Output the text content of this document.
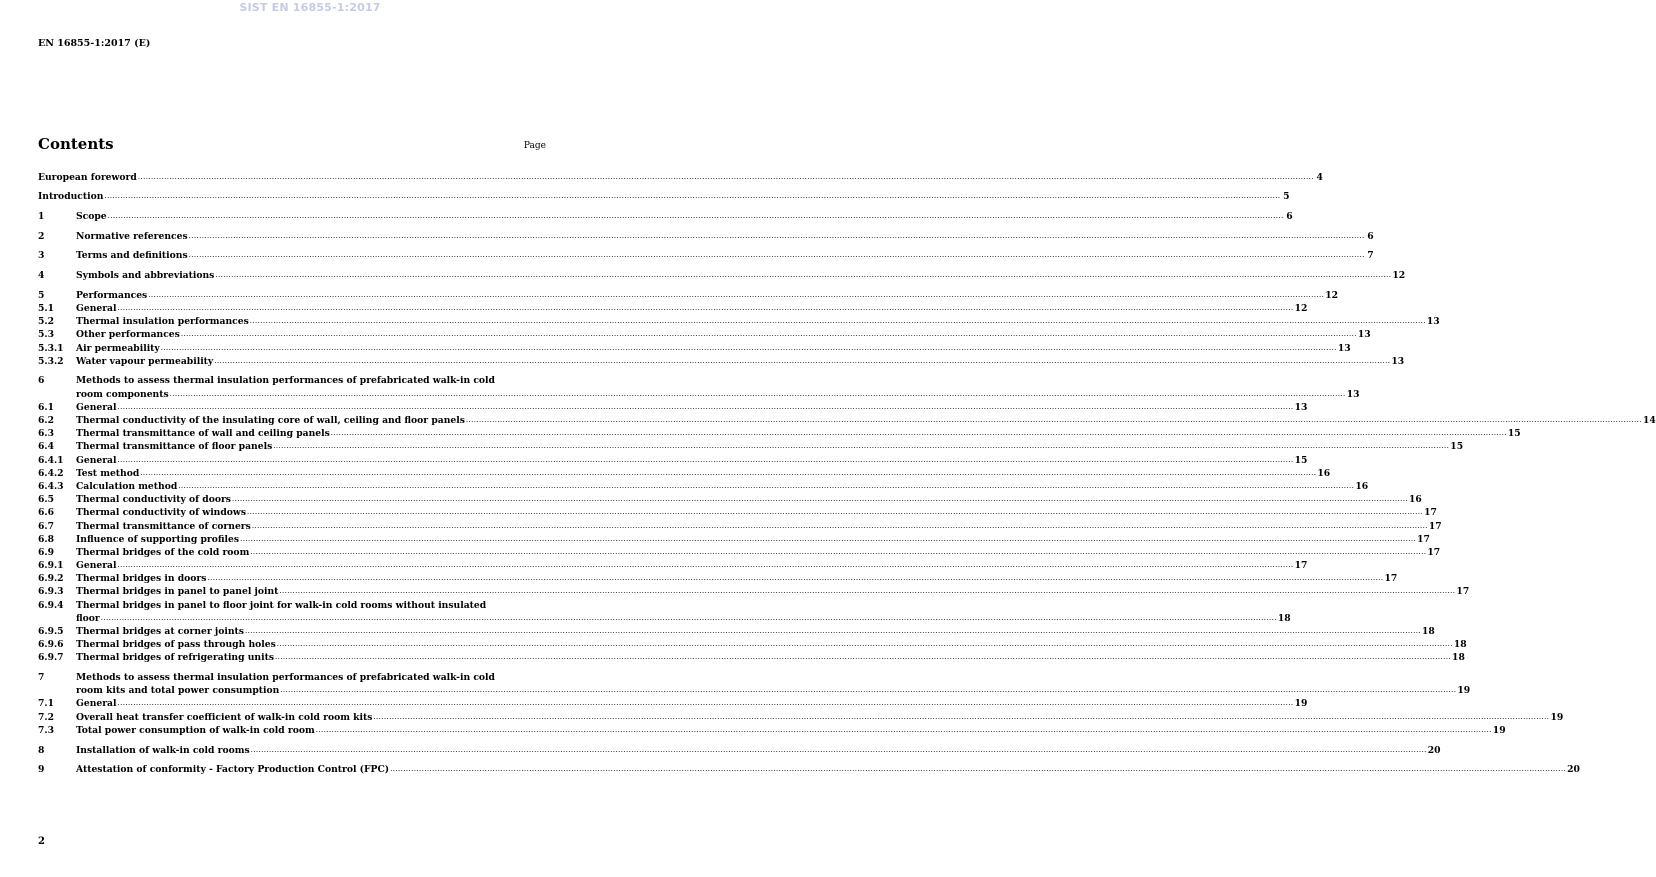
SIST EN 16855-1:2017
EN 16855-1:2017 (E)
Contents	Page
European foreword .....	4
Introduction .....	5
1	Scope .....	6
2	Normative references .....	6
3	Terms and definitions .....	7
4	Symbols and abbreviations .....	12
5	Performances .....	12
5.1	General .....	12
5.2	Thermal insulation performances .....	13
5.3	Other performances .....	13
5.3.1	Air permeability .....	13
5.3.2	Water vapour permeability .....	13
6	Methods to assess thermal insulation performances of prefabricated walk-in cold
room components .....	13
6.1	General .....	13
6.2	Thermal conductivity of the insulating core of wall, ceiling and floor panels .....	14
6.3	Thermal transmittance of wall and ceiling panels .....	15
6.4	Thermal transmittance of floor panels .....	15
6.4.1	General .....	15
6.4.2	Test method .....	16
6.4.3	Calculation method .....	16
6.5	Thermal conductivity of doors .....	16
6.6	Thermal conductivity of windows .....	17
6.7	Thermal transmittance of corners .....	17
6.8	Influence of supporting profiles .....	17
6.9	Thermal bridges of the cold room .....	17
6.9.1	General .....	17
6.9.2	Thermal bridges in doors .....	17
6.9.3	Thermal bridges in panel to panel joint .....	17
6.9.4	Thermal bridges in panel to floor joint for walk-in cold rooms without insulated
floor .....	18
6.9.5	Thermal bridges at corner joints .....	18
6.9.6	Thermal bridges of pass through holes .....	18
6.9.7	Thermal bridges of refrigerating units .....	18
7	Methods to assess thermal insulation performances of prefabricated walk-in cold
room kits and total power consumption .....	19
7.1	General .....	19
7.2	Overall heat transfer coefficient of walk-in cold room kits .....	19
7.3	Total power consumption of walk-in cold room .....	19
8	Installation of walk-in cold rooms .....	20
9	Attestation of conformity - Factory Production Control (FPC) .....	20
2
